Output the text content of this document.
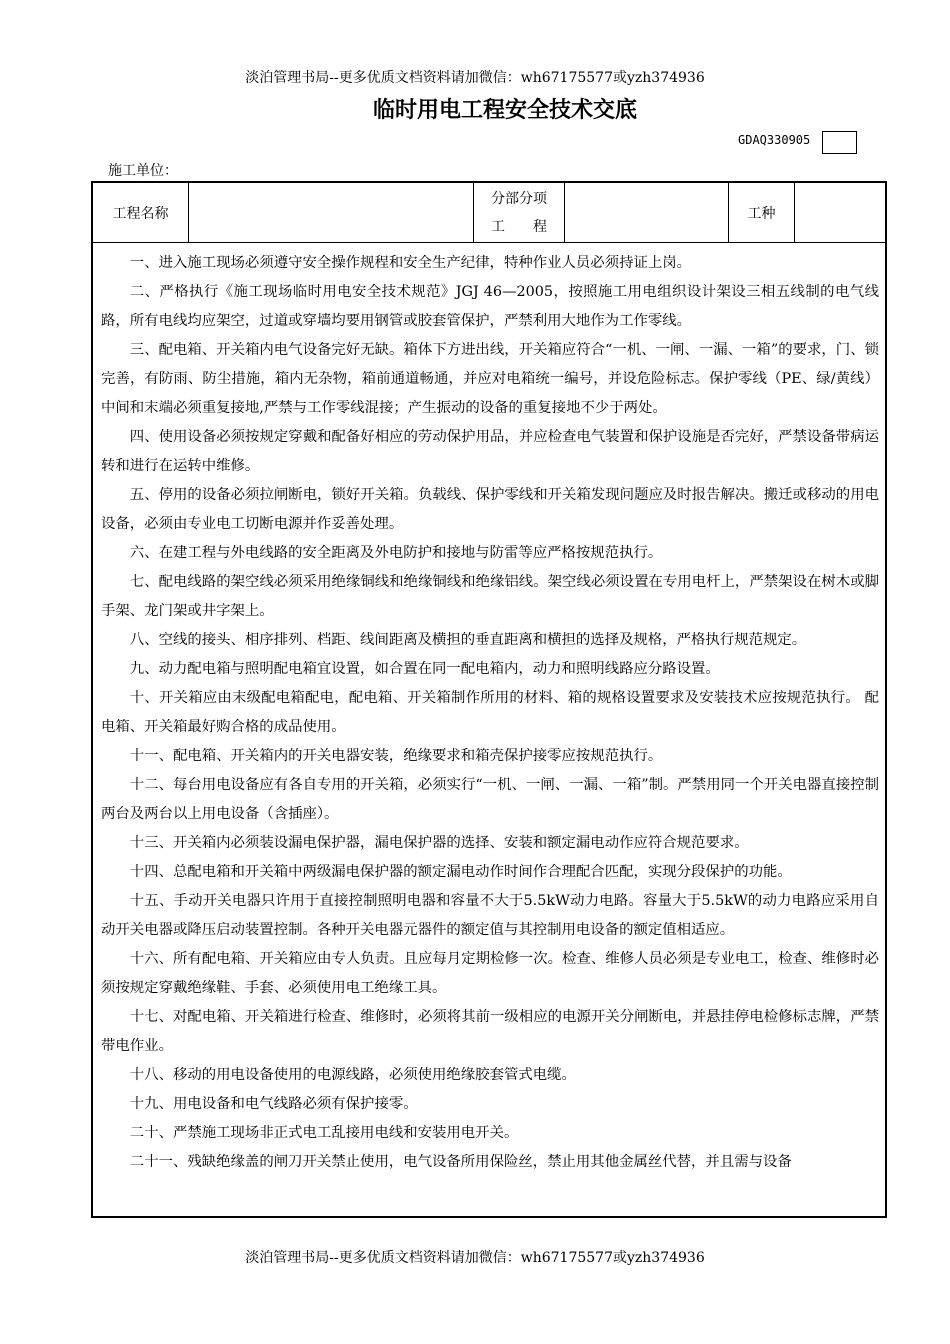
淡泊管理书局--更多优质文档资料请加微信：wh67175577或yzh374936
临时用电工程安全技术交底
GDAQ330905
施工单位：
工程名称
分部分项
工　　程
工种

一、进入施工现场必须遵守安全操作规程和安全生产纪律，特种作业人员必须持证上岗。

二、严格执行《施工现场临时用电安全技术规范》JGJ 46—2005，按照施工用电组织设计架设三相五线制的电气线路，所有电线均应架空，过道或穿墙均要用钢管或胶套管保护，严禁利用大地作为工作零线。

三、配电箱、开关箱内电气设备完好无缺。箱体下方进出线，开关箱应符合“一机、一闸、一漏、一箱”的要求，门、锁完善，有防雨、防尘措施，箱内无杂物，箱前通道畅通，并应对电箱统一编号，并设危险标志。保护零线（PE、绿/黄线）中间和末端必须重复接地,严禁与工作零线混接；产生振动的设备的重复接地不少于两处。

四、使用设备必须按规定穿戴和配备好相应的劳动保护用品，并应检查电气装置和保护设施是否完好，严禁设备带病运转和进行在运转中维修。

五、停用的设备必须拉闸断电，锁好开关箱。负载线、保护零线和开关箱发现问题应及时报告解决。搬迁或移动的用电设备，必须由专业电工切断电源并作妥善处理。

六、在建工程与外电线路的安全距离及外电防护和接地与防雷等应严格按规范执行。

七、配电线路的架空线必须采用绝缘铜线和绝缘铜线和绝缘铝线。架空线必须设置在专用电杆上，严禁架设在树木或脚手架、龙门架或井字架上。

八、空线的接头、相序排列、档距、线间距离及横担的垂直距离和横担的选择及规格，严格执行规范规定。

九、动力配电箱与照明配电箱宜设置，如合置在同一配电箱内，动力和照明线路应分路设置。

十、开关箱应由末级配电箱配电，配电箱、开关箱制作所用的材料、箱的规格设置要求及安装技术应按规范执行。 配电箱、开关箱最好购合格的成品使用。

十一、配电箱、开关箱内的开关电器安装，绝缘要求和箱壳保护接零应按规范执行。

十二、每台用电设备应有各自专用的开关箱，必须实行“一机、一闸、一漏、一箱”制。严禁用同一个开关电器直接控制两台及两台以上用电设备（含插座）。

十三、开关箱内必须装设漏电保护器，漏电保护器的选择、安装和额定漏电动作应符合规范要求。

十四、总配电箱和开关箱中两级漏电保护器的额定漏电动作时间作合理配合匹配，实现分段保护的功能。

十五、手动开关电器只许用于直接控制照明电器和容量不大于5.5kW动力电路。容量大于5.5kW的动力电路应采用自动开关电器或降压启动装置控制。各种开关电器元器件的额定值与其控制用电设备的额定值相适应。

十六、所有配电箱、开关箱应由专人负责。且应每月定期检修一次。检查、维修人员必须是专业电工，检查、维修时必须按规定穿戴绝缘鞋、手套、必须使用电工绝缘工具。

十七、对配电箱、开关箱进行检查、维修时，必须将其前一级相应的电源开关分闸断电，并悬挂停电检修标志牌，严禁带电作业。

十八、移动的用电设备使用的电源线路，必须使用绝缘胶套管式电缆。

十九、用电设备和电气线路必须有保护接零。

二十、严禁施工现场非正式电工乱接用电线和安装用电开关。

二十一、残缺绝缘盖的闸刀开关禁止使用，电气设备所用保险丝，禁止用其他金属丝代替，并且需与设备

淡泊管理书局--更多优质文档资料请加微信：wh67175577或yzh374936
